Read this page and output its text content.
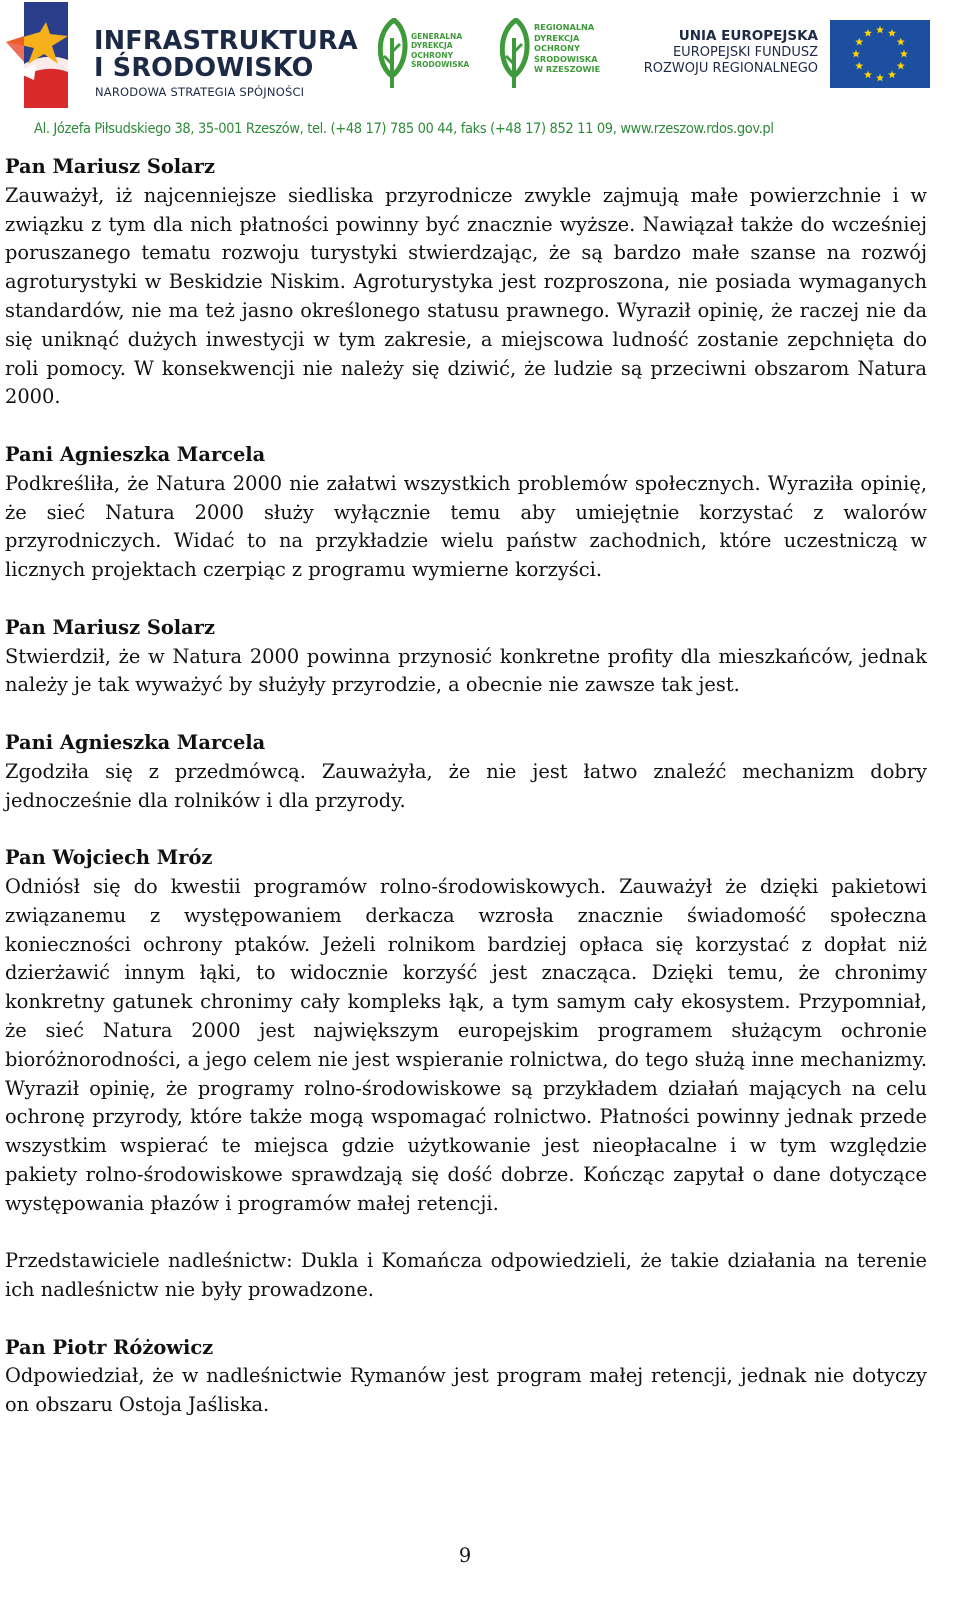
INFRASTRUKTURA
I ŚRODOWISKO
NARODOWA STRATEGIA SPÓJNOŚCI
GENERALNA
DYREKCJA
OCHRONY
ŚRODOWISKA
REGIONALNA
DYREKCJA
OCHRONY
ŚRODOWISKA
W RZESZOWIE
UNIA EUROPEJSKA
EUROPEJSKI FUNDUSZ
ROZWOJU REGIONALNEGO
Al. Józefa Piłsudskiego 38, 35-001 Rzeszów, tel. (+48 17) 785 00 44, faks (+48 17) 852 11 09, www.rzeszow.rdos.gov.pl
Pan Mariusz Solarz
Zauważył, iż najcenniejsze siedliska przyrodnicze zwykle zajmują małe powierzchnie i w związku z tym dla nich płatności powinny być znacznie wyższe. Nawiązał także do wcześniej poruszanego tematu rozwoju turystyki stwierdzając, że są bardzo małe szanse na rozwój agroturystyki w Beskidzie Niskim. Agroturystyka jest rozproszona, nie posiada wymaganych standardów, nie ma też jasno określonego statusu prawnego. Wyraził opinię, że raczej nie da się uniknąć dużych inwestycji w tym zakresie, a miejscowa ludność zostanie zepchnięta do roli pomocy. W konsekwencji nie należy się dziwić, że ludzie są przeciwni obszarom Natura 2000.
Pani Agnieszka Marcela
Podkreśliła, że Natura 2000 nie załatwi wszystkich problemów społecznych. Wyraziła opinię, że sieć Natura 2000 służy wyłącznie temu aby umiejętnie korzystać z walorów przyrodniczych. Widać to na przykładzie wielu państw zachodnich, które uczestniczą w licznych projektach czerpiąc z programu wymierne korzyści.
Pan Mariusz Solarz
Stwierdził, że w Natura 2000 powinna przynosić konkretne profity dla mieszkańców, jednak należy je tak wyważyć by służyły przyrodzie, a obecnie nie zawsze tak jest.
Pani Agnieszka Marcela
Zgodziła się z przedmówcą. Zauważyła, że nie jest łatwo znaleźć mechanizm dobry jednocześnie dla rolników i dla przyrody.
Pan Wojciech Mróz
Odniósł się do kwestii programów rolno-środowiskowych. Zauważył że dzięki pakietowi związanemu z występowaniem derkacza wzrosła znacznie świadomość społeczna konieczności ochrony ptaków. Jeżeli rolnikom bardziej opłaca się korzystać z dopłat niż dzierżawić innym łąki, to widocznie korzyść jest znacząca. Dzięki temu, że chronimy konkretny gatunek chronimy cały kompleks łąk, a tym samym cały ekosystem. Przypomniał, że sieć Natura 2000 jest największym europejskim programem służącym ochronie bioróżnorodności, a jego celem nie jest wspieranie rolnictwa, do tego służą inne mechanizmy. Wyraził opinię, że programy rolno-środowiskowe są przykładem działań mających na celu ochronę przyrody, które także mogą wspomagać rolnictwo. Płatności powinny jednak przede wszystkim wspierać te miejsca gdzie użytkowanie jest nieopłacalne i w tym względzie pakiety rolno-środowiskowe sprawdzają się dość dobrze. Kończąc zapytał o dane dotyczące występowania płazów i programów małej retencji.
Przedstawiciele nadleśnictw: Dukla i Komańcza odpowiedzieli, że takie działania na terenie ich nadleśnictw nie były prowadzone.
Pan Piotr Różowicz
Odpowiedział, że w nadleśnictwie Rymanów jest program małej retencji, jednak nie dotyczy on obszaru Ostoja Jaśliska.
9
